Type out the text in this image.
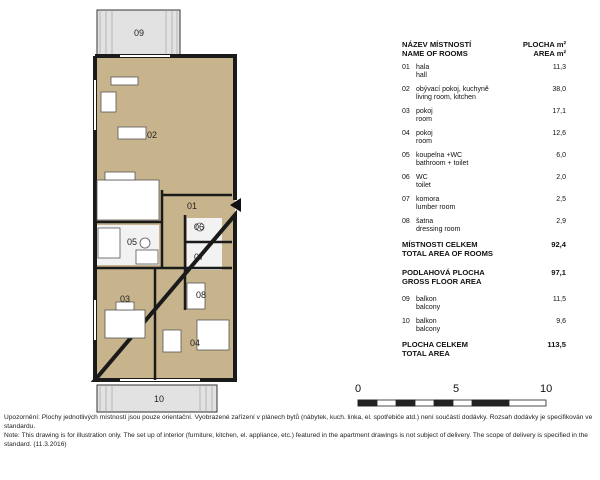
09
02
01
06
05
07
08
03
04
10
0	5	10
NÁZEV MÍSTNOSTÍ
NAME OF ROOMS
PLOCHA m²
AREA m²
01 hala
hall
11,3
02 obývací pokoj, kuchyně
living room, kitchen
38,0
03 pokoj
room
17,1
04 pokoj
room
12,6
05 koupelna +WC
bathroom + toilet
6,0
06 WC
toilet
2,0
07 komora
lumber room
2,5
08 šatna
dressing room
2,9
MÍSTNOSTI CELKEM
TOTAL AREA OF ROOMS
92,4
PODLAHOVÁ PLOCHA
GROSS FLOOR AREA
97,1
09 balkon
balcony
11,5
10 balkon
balcony
9,6
PLOCHA CELKEM
TOTAL AREA
113,5
Upozornění: Plochy jednotlivých místností jsou pouze orientační. Vyobrazené zařízení v plánech bytů (nábytek, kuch. linka, el. spotřebiče atd.) není součástí dodávky. Rozsah dodávky je specifikován ve standardu.
Note: This drawing is for illustration only. The set up of interior (furniture, kitchen, el. appliance, etc.) featured in the apartment drawings is not subject of delivery. The scope of delivery is specified in the standard. (11.3.2016)
